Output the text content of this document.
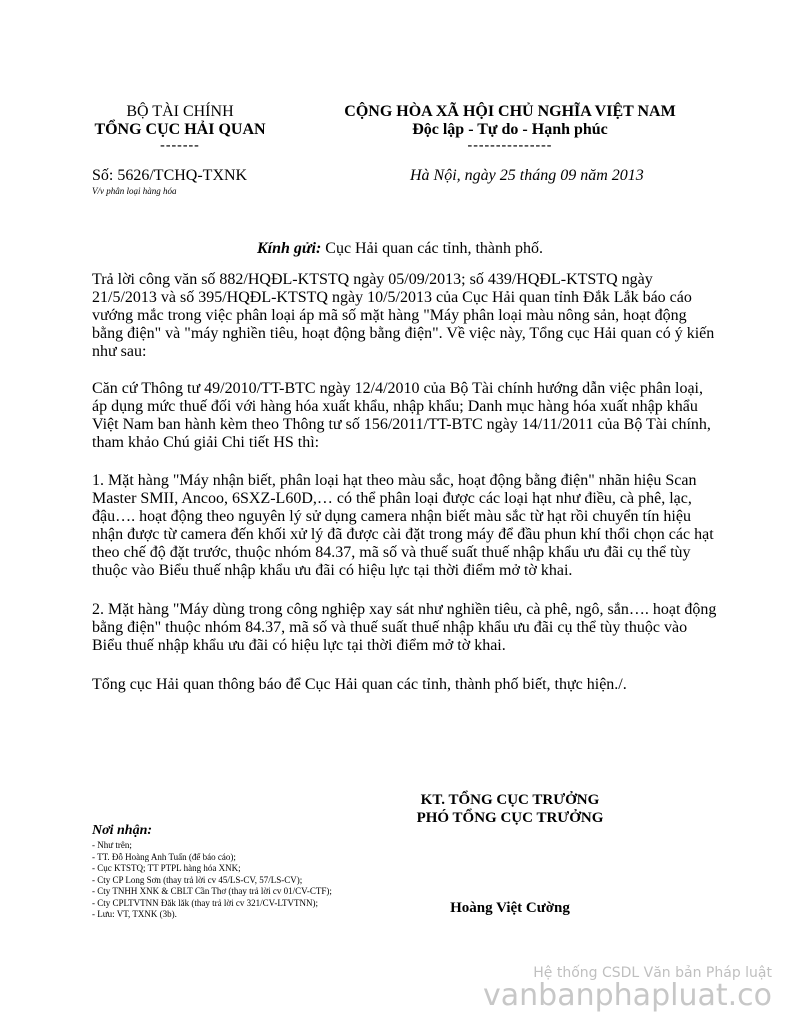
BỘ TÀI CHÍNH
TỔNG CỤC HẢI QUAN
-------
CỘNG HÒA XÃ HỘI CHỦ NGHĨA VIỆT NAM
Độc lập - Tự do - Hạnh phúc
---------------
Số: 5626/TCHQ-TXNK
V/v phân loại hàng hóa
Hà Nội, ngày 25 tháng 09 năm 2013
Kính gửi: Cục Hải quan các tỉnh, thành phố.
Trả lời công văn số 882/HQĐL-KTSTQ ngày 05/09/2013; số 439/HQĐL-KTSTQ ngày 21/5/2013 và số 395/HQĐL-KTSTQ ngày 10/5/2013 của Cục Hải quan tỉnh Đắk Lắk báo cáo vướng mắc trong việc phân loại áp mã số mặt hàng "Máy phân loại màu nông sản, hoạt động bằng điện" và "máy nghiền tiêu, hoạt động bằng điện". Về việc này, Tổng cục Hải quan có ý kiến như sau:
Căn cứ Thông tư 49/2010/TT-BTC ngày 12/4/2010 của Bộ Tài chính hướng dẫn việc phân loại, áp dụng mức thuế đối với hàng hóa xuất khẩu, nhập khẩu; Danh mục hàng hóa xuất nhập khẩu Việt Nam ban hành kèm theo Thông tư số 156/2011/TT-BTC ngày 14/11/2011 của Bộ Tài chính, tham khảo Chú giải Chi tiết HS thì:
1. Mặt hàng "Máy nhận biết, phân loại hạt theo màu sắc, hoạt động bằng điện" nhãn hiệu Scan Master SMII, Ancoo, 6SXZ-L60D,… có thể phân loại được các loại hạt như điều, cà phê, lạc, đậu…. hoạt động theo nguyên lý sử dụng camera nhận biết màu sắc từ hạt rồi chuyển tín hiệu nhận được từ camera đến khối xử lý đã được cài đặt trong máy để đầu phun khí thổi chọn các hạt theo chế độ đặt trước, thuộc nhóm 84.37, mã số và thuế suất thuế nhập khẩu ưu đãi cụ thể tùy thuộc vào Biểu thuế nhập khẩu ưu đãi có hiệu lực tại thời điểm mở tờ khai.
2. Mặt hàng "Máy dùng trong công nghiệp xay sát như nghiền tiêu, cà phê, ngô, sắn…. hoạt động bằng điện" thuộc nhóm 84.37, mã số và thuế suất thuế nhập khẩu ưu đãi cụ thể tùy thuộc vào Biểu thuế nhập khẩu ưu đãi có hiệu lực tại thời điểm mở tờ khai.
Tổng cục Hải quan thông báo để Cục Hải quan các tỉnh, thành phố biết, thực hiện./.
KT. TỔNG CỤC TRƯỞNG
PHÓ TỔNG CỤC TRƯỞNG
Hoàng Việt Cường
Nơi nhận:
- Như trên;
- TT. Đỗ Hoàng Anh Tuấn (để báo cáo);
- Cục KTSTQ; TT PTPL hàng hóa XNK;
- Cty CP Long Sơn (thay trả lời cv 45/LS-CV, 57/LS-CV);
- Cty TNHH XNK & CBLT Cần Thơ (thay trả lời cv 01/CV-CTF);
- Cty CPLTVTNN Đăk lăk (thay trả lời cv 321/CV-LTVTNN);
- Lưu: VT, TXNK (3b).
Hệ thống CSDL Văn bản Pháp luật
vanbanphapluat.co
